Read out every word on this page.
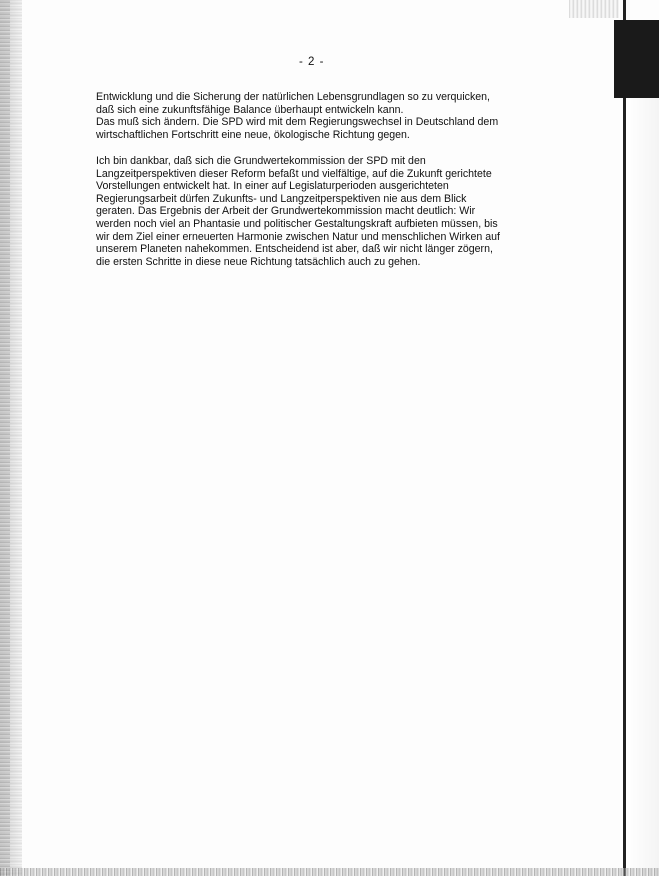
- 2 -
Entwicklung und die Sicherung der natürlichen Lebensgrundlagen so zu verquicken,
daß sich eine zukunftsfähige Balance überhaupt entwickeln kann.
Das muß sich ändern. Die SPD wird mit dem Regierungswechsel in Deutschland dem
wirtschaftlichen Fortschritt eine neue, ökologische Richtung gegen.
Ich bin dankbar, daß sich die Grundwertekommission der SPD mit den
Langzeitperspektiven dieser Reform befaßt und vielfältige, auf die Zukunft gerichtete
Vorstellungen entwickelt hat. In einer auf Legislaturperioden ausgerichteten
Regierungsarbeit dürfen Zukunfts- und Langzeitperspektiven nie aus dem Blick
geraten. Das Ergebnis der Arbeit der Grundwertekommission macht deutlich: Wir
werden noch viel an Phantasie und politischer Gestaltungskraft aufbieten müssen, bis
wir dem Ziel einer erneuerten Harmonie zwischen Natur und menschlichen Wirken auf
unserem Planeten nahekommen. Entscheidend ist aber, daß wir nicht länger zögern,
die ersten Schritte in diese neue Richtung tatsächlich auch zu gehen.
